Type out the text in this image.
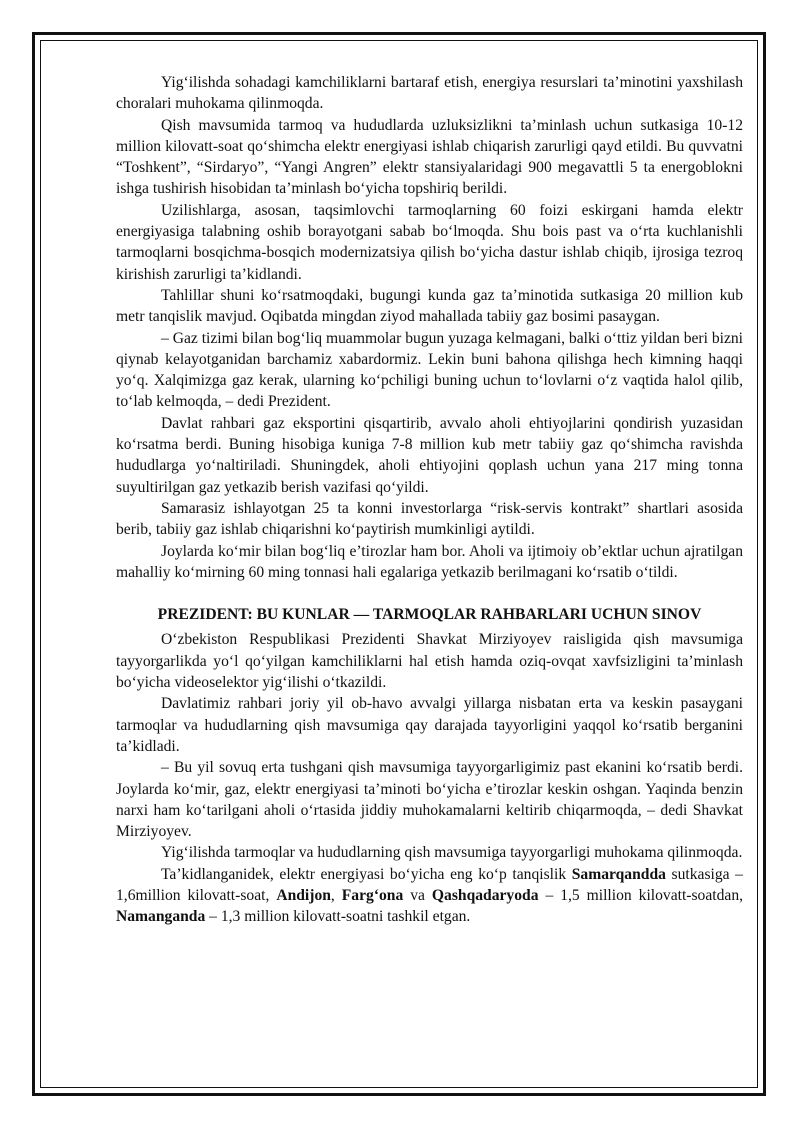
Yig‘ilishda sohadagi kamchiliklarni bartaraf etish, energiya resurslari ta’minotini yaxshilash choralari muhokama qilinmoqda.

Qish mavsumida tarmoq va hududlarda uzluksizlikni ta’minlash uchun sutkasiga 10-12 million kilovatt-soat qo‘shimcha elektr energiyasi ishlab chiqarish zarurligi qayd etildi. Bu quvvatni “Toshkent”, “Sirdaryo”, “Yangi Angren” elektr stansiyalaridagi 900 megavattli 5 ta energoblokni ishga tushirish hisobidan ta’minlash bo‘yicha topshiriq berildi.

Uzilishlarga, asosan, taqsimlovchi tarmoqlarning 60 foizi eskirgani hamda elektr energiyasiga talabning oshib borayotgani sabab bo‘lmoqda. Shu bois past va o‘rta kuchlanishli tarmoqlarni bosqichma-bosqich modernizatsiya qilish bo‘yicha dastur ishlab chiqib, ijrosiga tezroq kirishish zarurligi ta’kidlandi.

Tahlillar shuni ko‘rsatmoqdaki, bugungi kunda gaz ta’minotida sutkasiga 20 million kub metr tanqislik mavjud. Oqibatda mingdan ziyod mahallada tabiiy gaz bosimi pasaygan.

– Gaz tizimi bilan bog‘liq muammolar bugun yuzaga kelmagani, balki o‘ttiz yildan beri bizni qiynab kelayotganidan barchamiz xabardormiz. Lekin buni bahona qilishga hech kimning haqqi yo‘q. Xalqimizga gaz kerak, ularning ko‘pchiligi buning uchun to‘lovlarni o‘z vaqtida halol qilib, to‘lab kelmoqda, – dedi Prezident.

Davlat rahbari gaz eksportini qisqartirib, avvalo aholi ehtiyojlarini qondirish yuzasidan ko‘rsatma berdi. Buning hisobiga kuniga 7-8 million kub metr tabiiy gaz qo‘shimcha ravishda hududlarga yo‘naltiriladi. Shuningdek, aholi ehtiyojini qoplash uchun yana 217 ming tonna suyultirilgan gaz yetkazib berish vazifasi qo‘yildi.

Samarasiz ishlayotgan 25 ta konni investorlarga “risk-servis kontrakt” shartlari asosida berib, tabiiy gaz ishlab chiqarishni ko‘paytirish mumkinligi aytildi.

Joylarda ko‘mir bilan bog‘liq e’tirozlar ham bor. Aholi va ijtimoiy ob’ektlar uchun ajratilgan mahalliy ko‘mirning 60 ming tonnasi hali egalariga yetkazib berilmagani ko‘rsatib o‘tildi.

PREZIDENT: BU KUNLAR — TARMOQLAR RAHBARLARI UCHUN SINOV

O‘zbekiston Respublikasi Prezidenti Shavkat Mirziyoyev raisligida qish mavsumiga tayyorgarlikda yo‘l qo‘yilgan kamchiliklarni hal etish hamda oziq-ovqat xavfsizligini ta’minlash bo‘yicha videoselektor yig‘ilishi o‘tkazildi.

Davlatimiz rahbari joriy yil ob-havo avvalgi yillarga nisbatan erta va keskin pasaygani tarmoqlar va hududlarning qish mavsumiga qay darajada tayyorligini yaqqol ko‘rsatib berganini ta’kidladi.

– Bu yil sovuq erta tushgani qish mavsumiga tayyorgarligimiz past ekanini ko‘rsatib berdi. Joylarda ko‘mir, gaz, elektr energiyasi ta’minoti bo‘yicha e’tirozlar keskin oshgan. Yaqinda benzin narxi ham ko‘tarilgani aholi o‘rtasida jiddiy muhokamalarni keltirib chiqarmoqda, – dedi Shavkat Mirziyoyev.

Yig‘ilishda tarmoqlar va hududlarning qish mavsumiga tayyorgarligi muhokama qilinmoqda.

Ta’kidlanganidek, elektr energiyasi bo‘yicha eng ko‘p tanqislik Samarqandda sutkasiga – 1,6million kilovatt-soat, Andijon, Farg‘ona va Qashqadaryoda – 1,5 million kilovatt-soatdan, Namanganda – 1,3 million kilovatt-soatni tashkil etgan.
